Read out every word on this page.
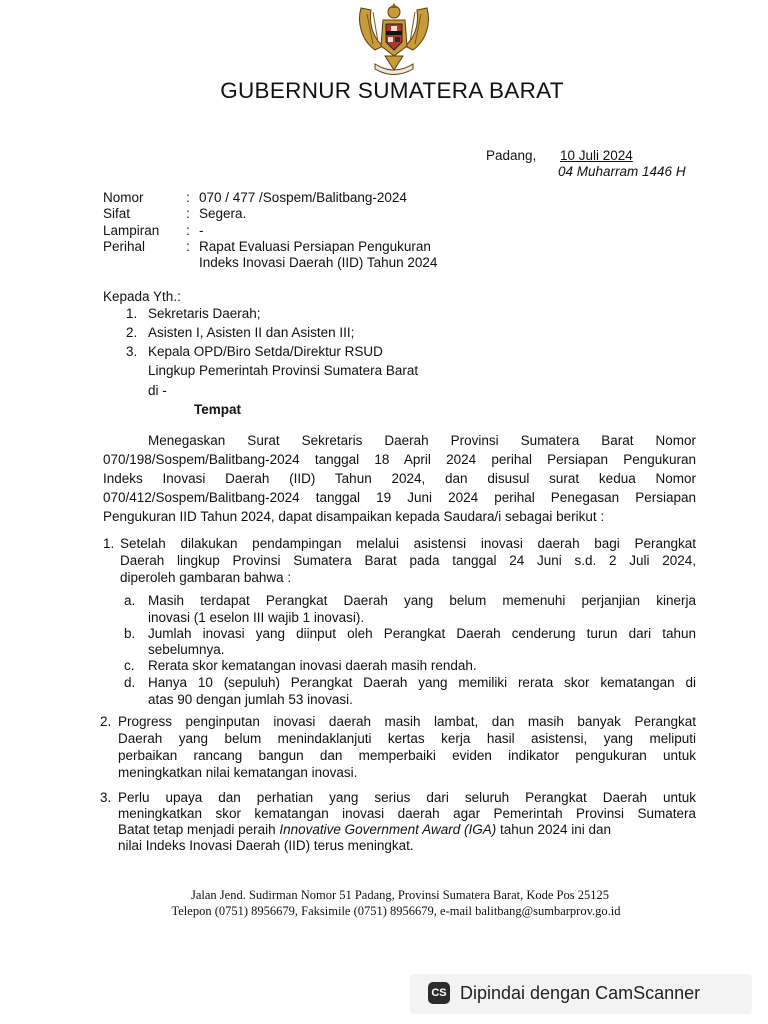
GUBERNUR SUMATERA BARAT
Padang, 10 Juli 2024
04 Muharram 1446 H
Nomor	: 070 / 477 /Sospem/Balitbang-2024
Sifat	: Segera.
Lampiran : -
Perihal	: Rapat Evaluasi Persiapan Pengukuran
Indeks Inovasi Daerah (IID) Tahun 2024
Kepada Yth.:
1. Sekretaris Daerah;
2. Asisten I, Asisten II dan Asisten III;
3. Kepala OPD/Biro Setda/Direktur RSUD
Lingkup Pemerintah Provinsi Sumatera Barat
di -
Tempat
Menegaskan Surat Sekretaris Daerah Provinsi Sumatera Barat Nomor
070/198/Sospem/Balitbang-2024 tanggal 18 April 2024 perihal Persiapan Pengukuran
Indeks Inovasi Daerah (IID) Tahun 2024, dan disusul surat kedua Nomor
070/412/Sospem/Balitbang-2024 tanggal 19 Juni 2024 perihal Penegasan Persiapan
Pengukuran IID Tahun 2024, dapat disampaikan kepada Saudara/i sebagai berikut :
1. Setelah dilakukan pendampingan melalui asistensi inovasi daerah bagi Perangkat
Daerah lingkup Provinsi Sumatera Barat pada tanggal 24 Juni s.d. 2 Juli 2024,
diperoleh gambaran bahwa :
a. Masih terdapat Perangkat Daerah yang belum memenuhi perjanjian kinerja
inovasi (1 eselon III wajib 1 inovasi).
b. Jumlah inovasi yang diinput oleh Perangkat Daerah cenderung turun dari tahun
sebelumnya.
c. Rerata skor kematangan inovasi daerah masih rendah.
d. Hanya 10 (sepuluh) Perangkat Daerah yang memiliki rerata skor kematangan di
atas 90 dengan jumlah 53 inovasi.
2. Progress penginputan inovasi daerah masih lambat, dan masih banyak Perangkat
Daerah yang belum menindaklanjuti kertas kerja hasil asistensi, yang meliputi
perbaikan rancang bangun dan memperbaiki eviden indikator pengukuran untuk
meningkatkan nilai kematangan inovasi.
3. Perlu upaya dan perhatian yang serius dari seluruh Perangkat Daerah untuk
meningkatkan skor kematangan inovasi daerah agar Pemerintah Provinsi Sumatera
Batat tetap menjadi peraih Innovative Government Award (IGA) tahun 2024 ini dan
nilai Indeks Inovasi Daerah (IID) terus meningkat.
Jalan Jend. Sudirman Nomor 51 Padang, Provinsi Sumatera Barat, Kode Pos 25125
Telepon (0751) 8956679, Faksimile (0751) 8956679, e-mail balitbang@sumbarprov.go.id
CS Dipindai dengan CamScanner
